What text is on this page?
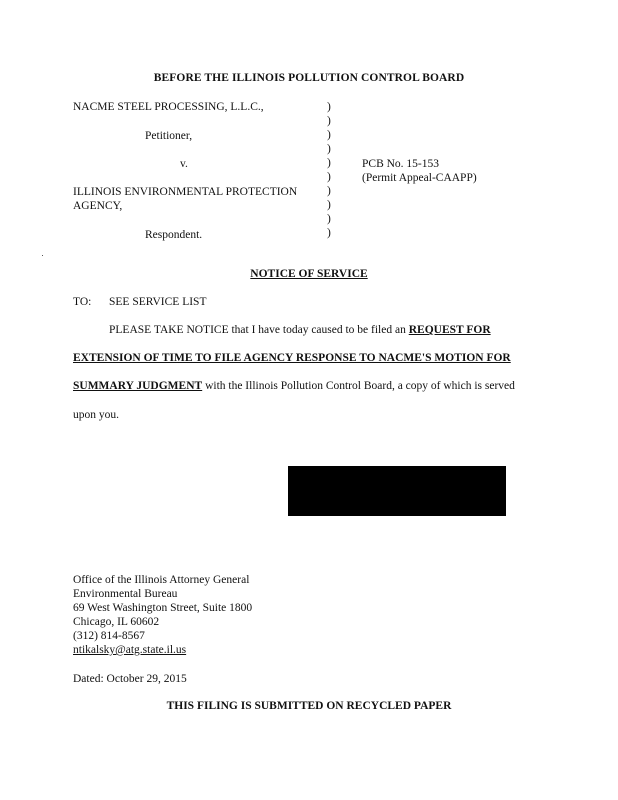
BEFORE THE ILLINOIS POLLUTION CONTROL BOARD
NACME STEEL PROCESSING, L.L.C.,
Petitioner,
v.
ILLINOIS ENVIRONMENTAL PROTECTION
AGENCY,
Respondent.
)
)
)
)
)
)
)
)
)
)
PCB No. 15-153
(Permit Appeal-CAAPP)
NOTICE OF SERVICE
TO: SEE SERVICE LIST
PLEASE TAKE NOTICE that I have today caused to be filed an REQUEST FOR
EXTENSION OF TIME TO FILE AGENCY RESPONSE TO NACME'S MOTION FOR
SUMMARY JUDGMENT with the Illinois Pollution Control Board, a copy of which is served
upon you.
Office of the Illinois Attorney General
Environmental Bureau
69 West Washington Street, Suite 1800
Chicago, IL 60602
(312) 814-8567
ntikalsky@atg.state.il.us
Dated: October 29, 2015
THIS FILING IS SUBMITTED ON RECYCLED PAPER
